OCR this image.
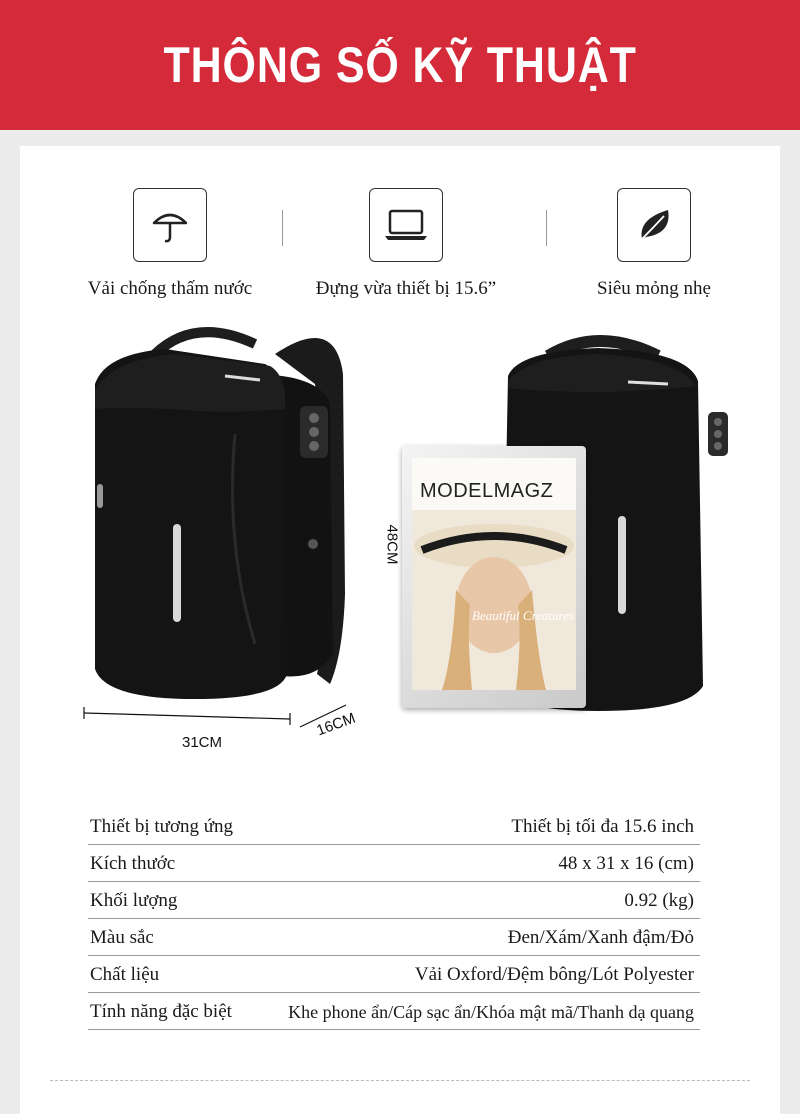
THÔNG SỐ KỸ THUẬT
Vải chống thấm nước	Đựng vừa thiết bị 15.6”	Siêu mỏng nhẹ
48CM
31CM
16CM
MODELMAGZ
Beautiful Creatures
Thiết bị tương ứng	Thiết bị tối đa 15.6 inch
Kích thước	48 x 31 x 16 (cm)
Khối lượng	0.92 (kg)
Màu sắc	Đen/Xám/Xanh đậm/Đỏ
Chất liệu	Vải Oxford/Đệm bông/Lót Polyester
Tính năng đặc biệt	Khe phone ẩn/Cáp sạc ẩn/Khóa mật mã/Thanh dạ quang
